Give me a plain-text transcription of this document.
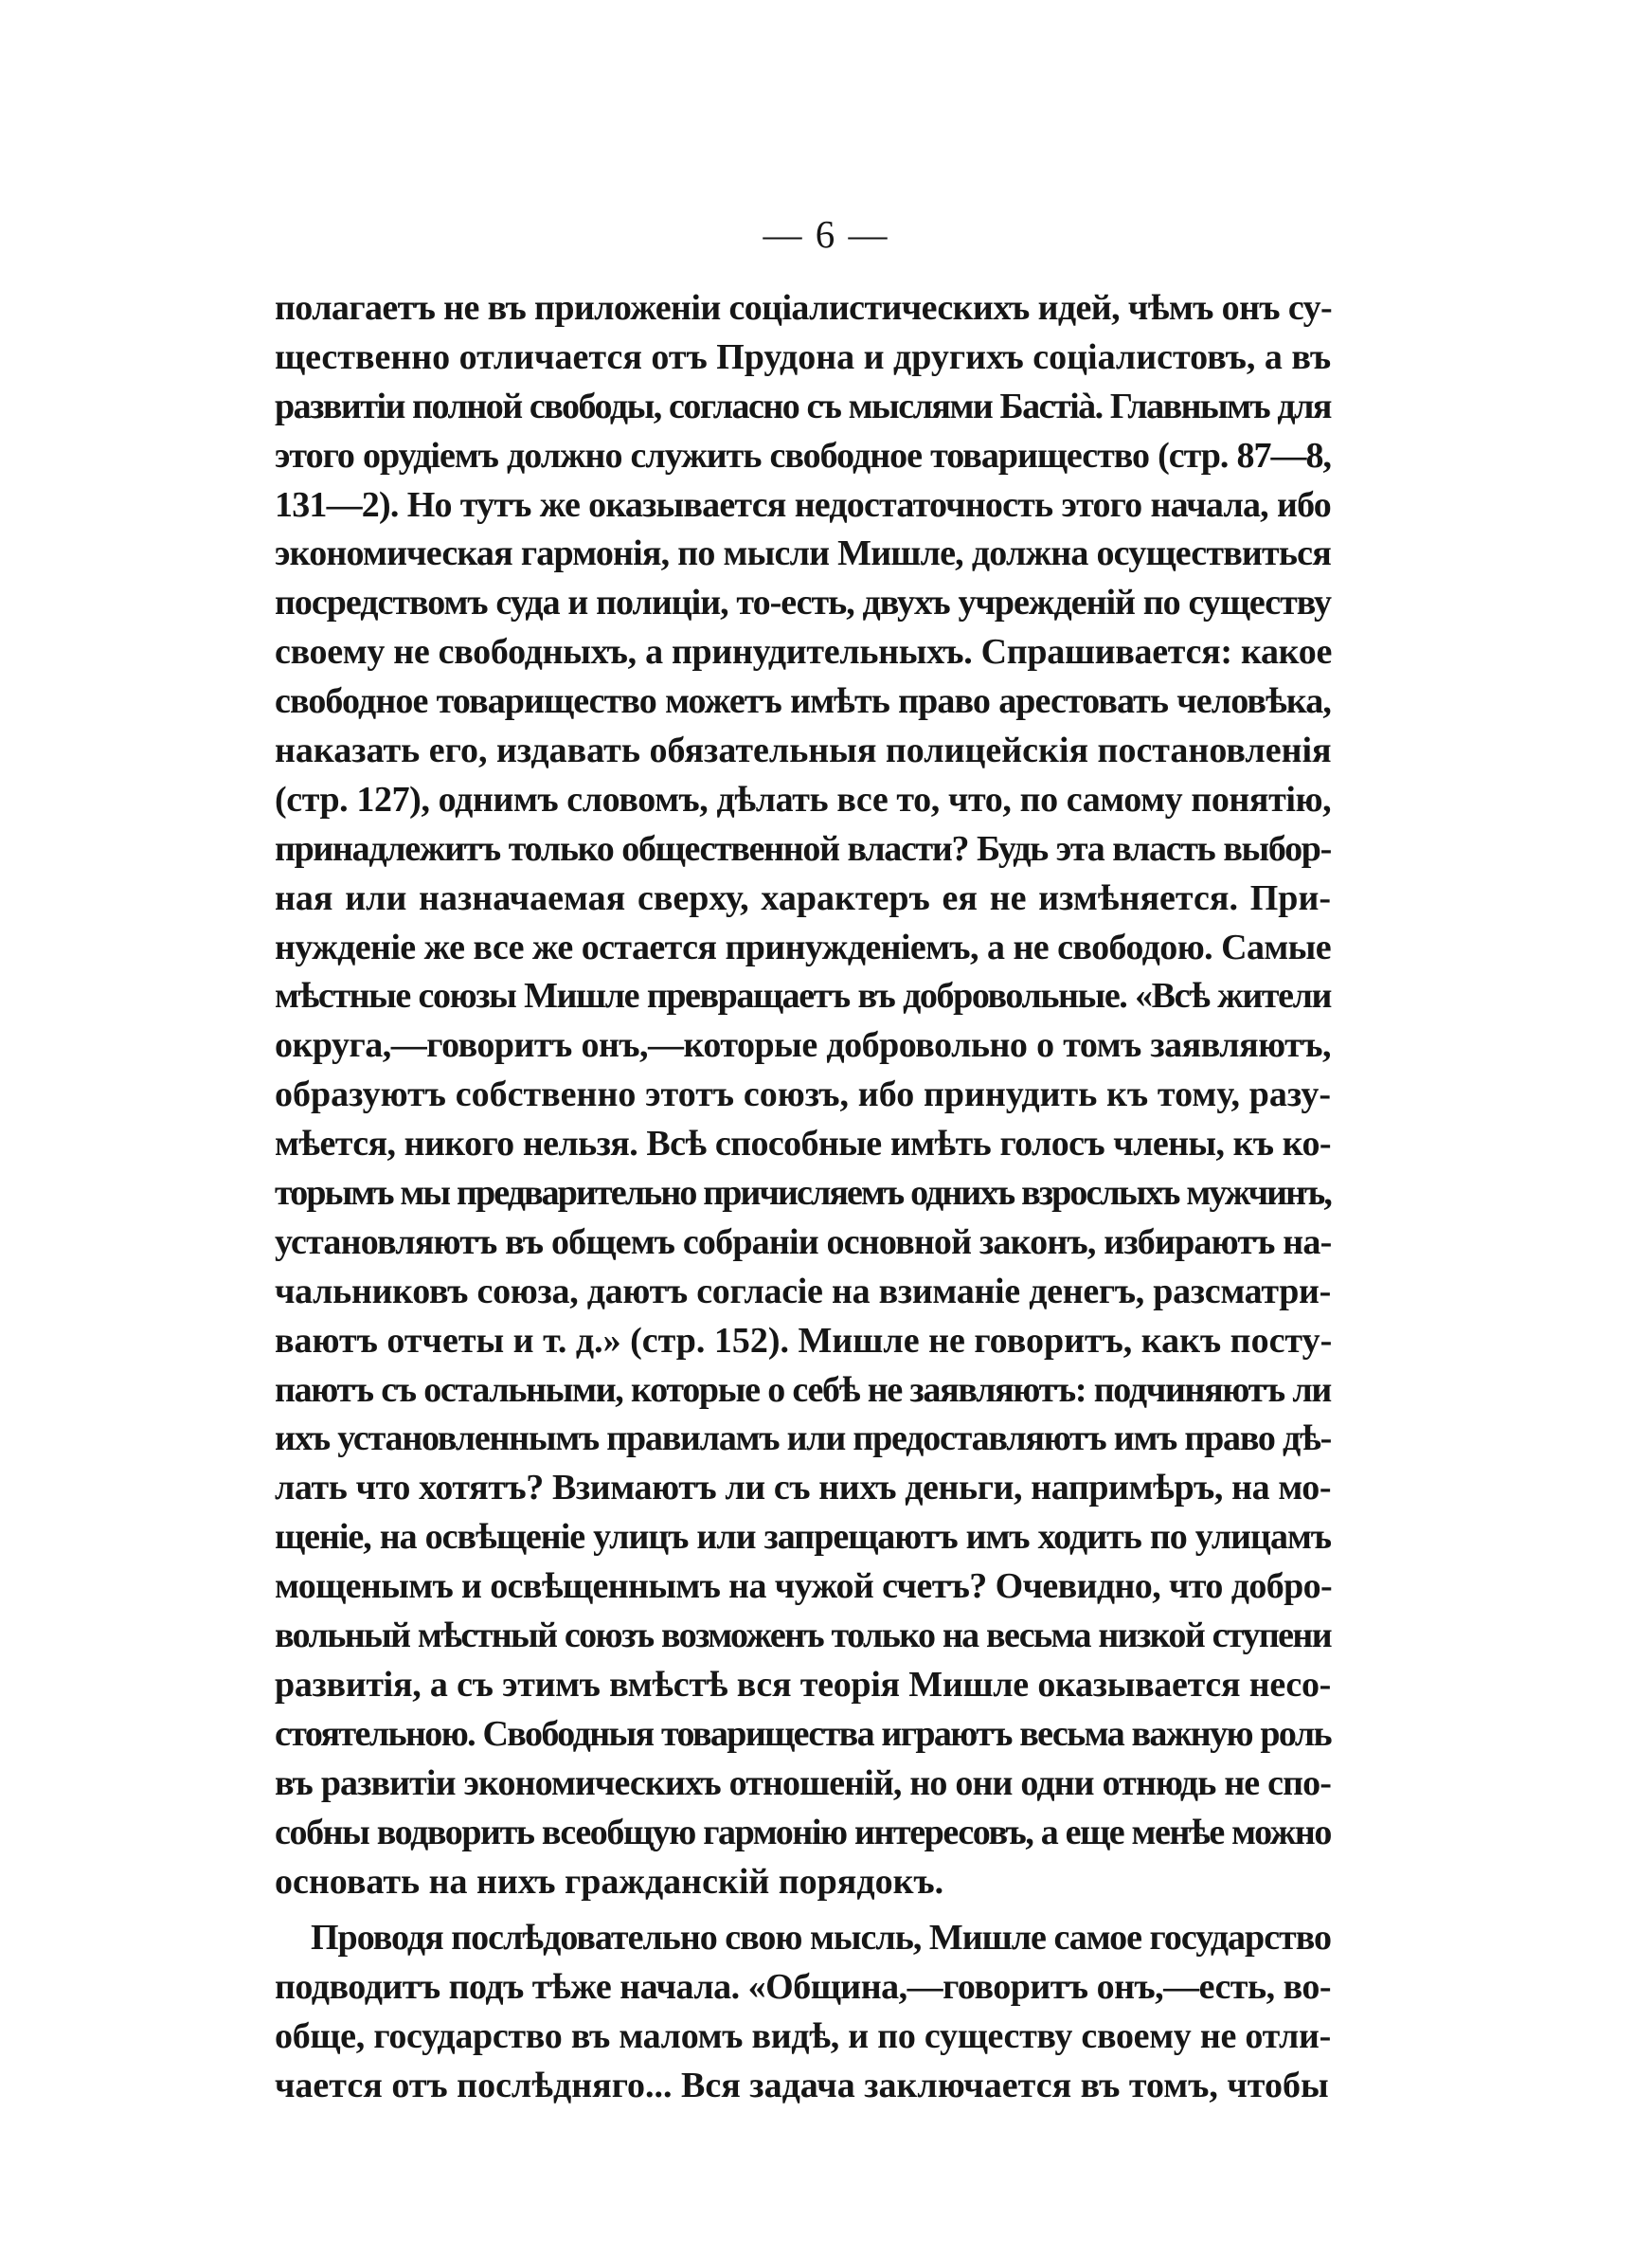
— 6 —
полагаетъ не въ приложеніи соціалистическихъ идей, чѣмъ онъ су-
щественно отличается отъ Прудона и другихъ соціалистовъ, а въ
развитіи полной свободы, согласно съ мыслями Бастіà. Главнымъ для
этого орудіемъ должно служить свободное товарищество (стр. 87—8,
131—2). Но тутъ же оказывается недостаточность этого начала, ибо
экономическая гармонія, по мысли Мишле, должна осуществиться
посредствомъ суда и полиціи, то-есть, двухъ учрежденій по существу
своему не свободныхъ, а принудительныхъ. Спрашивается: какое
свободное товарищество можетъ имѣть право арестовать человѣка,
наказать его, издавать обязательныя полицейскія постановленія
(стр. 127), однимъ словомъ, дѣлать все то, что, по самому понятію,
принадлежитъ только общественной власти? Будь эта власть выбор-
ная или назначаемая сверху, характеръ ея не измѣняется. При-
нужденіе же все же остается принужденіемъ, а не свободою. Самые
мѣстные союзы Мишле превращаетъ въ добровольные. «Всѣ жители
округа,—говоритъ онъ,—которые добровольно о томъ заявляютъ,
образуютъ собственно этотъ союзъ, ибо принудить къ тому, разу-
мѣется, никого нельзя. Всѣ способные имѣть голосъ члены, къ ко-
торымъ мы предварительно причисляемъ однихъ взрослыхъ мужчинъ,
установляютъ въ общемъ собраніи основной законъ, избираютъ на-
чальниковъ союза, даютъ согласіе на взиманіе денегъ, разсматри-
ваютъ отчеты и т. д.» (стр. 152). Мишле не говоритъ, какъ посту-
паютъ съ остальными, которые о себѣ не заявляютъ: подчиняютъ ли
ихъ установленнымъ правиламъ или предоставляютъ имъ право дѣ-
лать что хотятъ? Взимаютъ ли съ нихъ деньги, напримѣръ, на мо-
щеніе, на освѣщеніе улицъ или запрещаютъ имъ ходить по улицамъ
мощенымъ и освѣщеннымъ на чужой счетъ? Очевидно, что добро-
вольный мѣстный союзъ возможенъ только на весьма низкой ступени
развитія, а съ этимъ вмѣстѣ вся теорія Мишле оказывается несо-
стоятельною. Свободныя товарищества играютъ весьма важную роль
въ развитіи экономическихъ отношеній, но они одни отнюдь не спо-
собны водворить всеобщую гармонію интересовъ, а еще менѣе можно
основать на нихъ гражданскій порядокъ.
Проводя послѣдовательно свою мысль, Мишле самое государство
подводитъ подъ тѣже начала. «Община,—говоритъ онъ,—есть, во-
обще, государство въ маломъ видѣ, и по существу своему не отли-
чается отъ послѣдняго... Вся задача заключается въ томъ, чтобы
